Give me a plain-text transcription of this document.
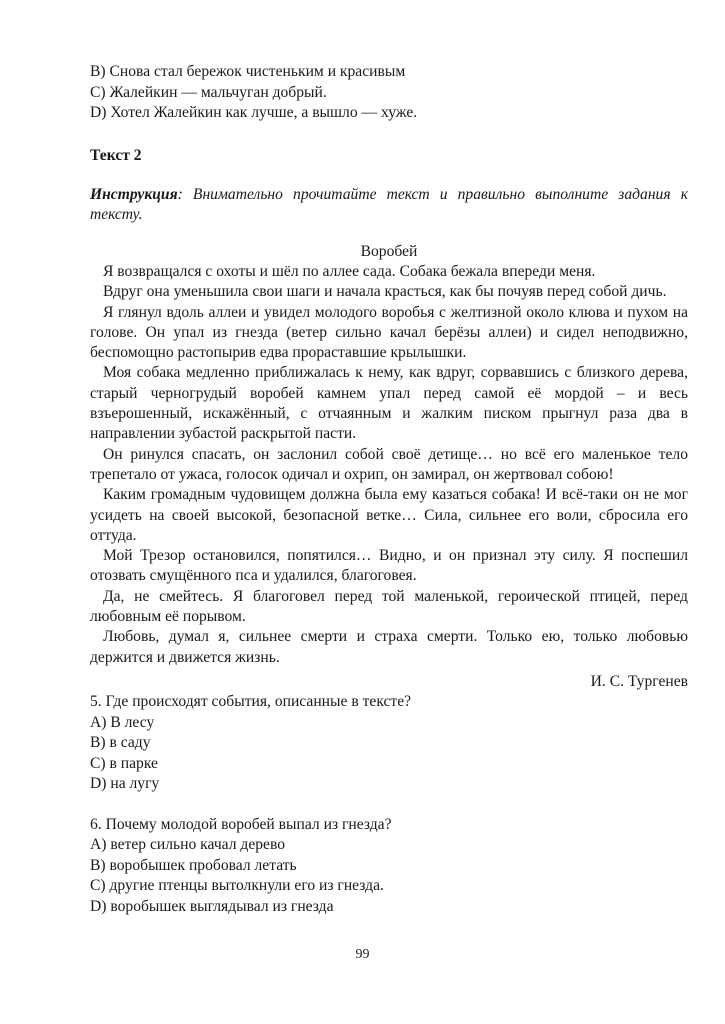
B) Снова стал бережок чистеньким и красивым
C) Жалейкин — мальчуган добрый.
D) Хотел Жалейкин как лучше, а вышло — хуже.
Текст 2
Инструкция: Внимательно прочитайте текст и правильно выполните задания к тексту.
Воробей
Я возвращался с охоты и шёл по аллее сада. Собака бежала впереди меня.
Вдруг она уменьшила свои шаги и начала красться, как бы почуяв перед собой дичь.
Я глянул вдоль аллеи и увидел молодого воробья с желтизной около клюва и пухом на голове. Он упал из гнезда (ветер сильно качал берёзы аллеи) и сидел неподвижно, беспомощно растопырив едва прораставшие крылышки.
Моя собака медленно приближалась к нему, как вдруг, сорвавшись с близкого дерева, старый черногрудый воробей камнем упал перед самой её мордой – и весь взъерошенный, искажённый, с отчаянным и жалким писком прыгнул раза два в направлении зубастой раскрытой пасти.
Он ринулся спасать, он заслонил собой своё детище… но всё его маленькое тело трепетало от ужаса, голосок одичал и охрип, он замирал, он жертвовал собою!
Каким громадным чудовищем должна была ему казаться собака! И всё-таки он не мог усидеть на своей высокой, безопасной ветке… Сила, сильнее его воли, сбросила его оттуда.
Мой Трезор остановился, попятился… Видно, и он признал эту силу. Я поспешил отозвать смущённого пса и удалился, благоговея.
Да, не смейтесь. Я благоговел перед той маленькой, героической птицей, перед любовным её порывом.
Любовь, думал я, сильнее смерти и страха смерти. Только ею, только любовью держится и движется жизнь.
И. С. Тургенев
5. Где происходят события, описанные в тексте?
A) В лесу
B) в саду
C) в парке
D) на лугу
6. Почему молодой воробей выпал из гнезда?
A) ветер сильно качал дерево
B) воробышек пробовал летать
C) другие птенцы вытолкнули его из гнезда.
D) воробышек выглядывал из гнезда
99
